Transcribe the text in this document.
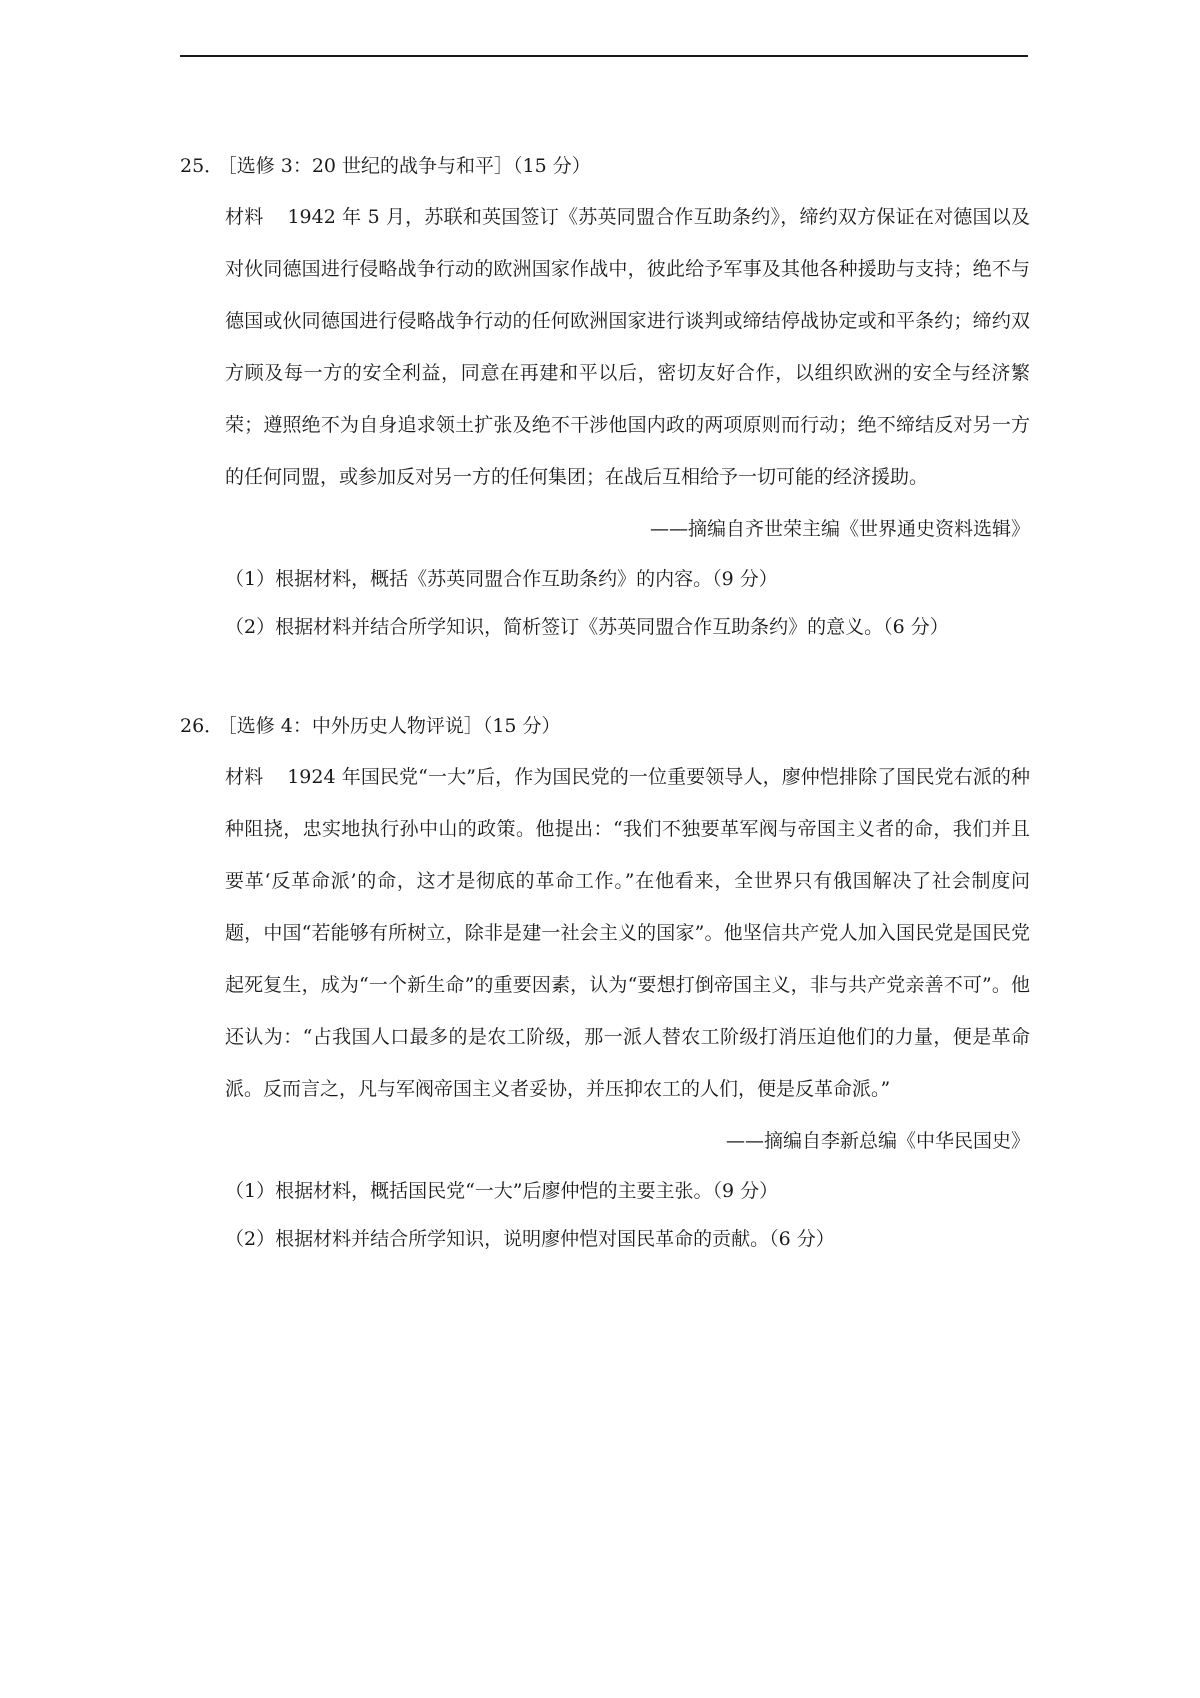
25． ［选修 3：20 世纪的战争与和平］（15 分）
材料 1942 年 5 月，苏联和英国签订《苏英同盟合作互助条约》，缔约双方保证在对德国以及对伙同德国进行侵略战争行动的欧洲国家作战中，彼此给予军事及其他各种援助与支持；绝不与德国或伙同德国进行侵略战争行动的任何欧洲国家进行谈判或缔结停战协定或和平条约；缔约双方顾及每一方的安全利益，同意在再建和平以后，密切友好合作，以组织欧洲的安全与经济繁荣；遵照绝不为自身追求领土扩张及绝不干涉他国内政的两项原则而行动；绝不缔结反对另一方的任何同盟，或参加反对另一方的任何集团；在战后互相给予一切可能的经济援助。
——摘编自齐世荣主编《世界通史资料选辑》
（1）根据材料，概括《苏英同盟合作互助条约》的内容。（9 分）
（2）根据材料并结合所学知识，简析签订《苏英同盟合作互助条约》的意义。（6 分）
26． ［选修 4：中外历史人物评说］（15 分）
材料 1924 年国民党“一大”后，作为国民党的一位重要领导人，廖仲恺排除了国民党右派的种种阻挠，忠实地执行孙中山的政策。他提出：“我们不独要革军阀与帝国主义者的命，我们并且要革‘反革命派’的命，这才是彻底的革命工作。”在他看来，全世界只有俄国解决了社会制度问题，中国“若能够有所树立，除非是建一社会主义的国家”。他坚信共产党人加入国民党是国民党起死复生，成为“一个新生命”的重要因素，认为“要想打倒帝国主义，非与共产党亲善不可”。他还认为：“占我国人口最多的是农工阶级，那一派人替农工阶级打消压迫他们的力量，便是革命派。反而言之，凡与军阀帝国主义者妥协，并压抑农工的人们，便是反革命派。”
——摘编自李新总编《中华民国史》
（1）根据材料，概括国民党“一大”后廖仲恺的主要主张。（9 分）
（2）根据材料并结合所学知识，说明廖仲恺对国民革命的贡献。（6 分）
